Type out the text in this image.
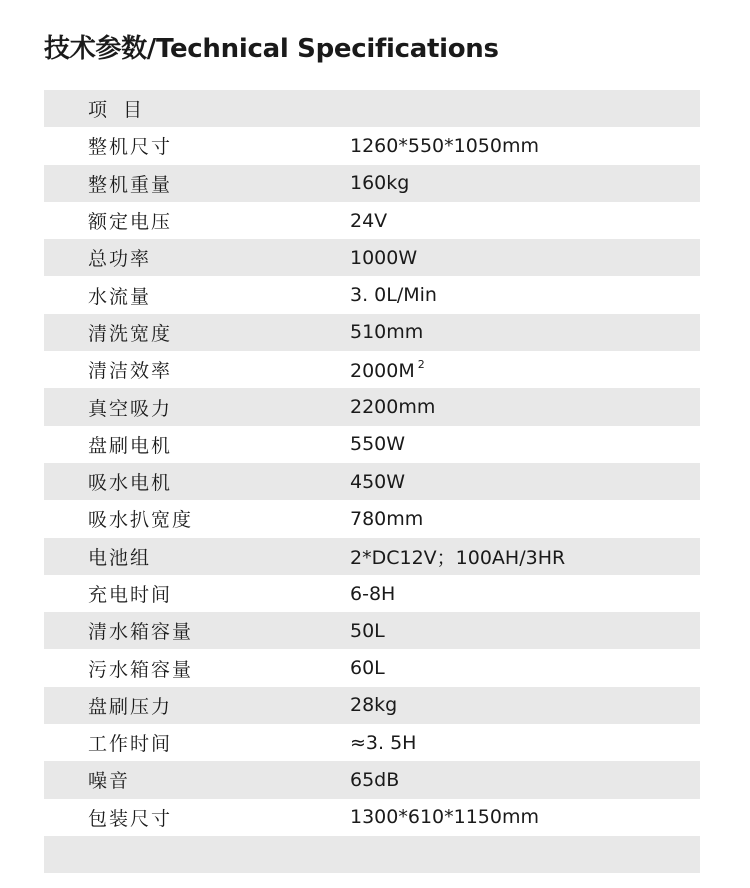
技术参数/Technical Specifications
项目
整机尺寸	1260*550*1050mm
整机重量	160kg
额定电压	24V
总功率	1000W
水流量	3. 0L/Min
清洗宽度	510mm
清洁效率	2000M $^2$
真空吸力	2200mm
盘刷电机	550W
吸水电机	450W
吸水扒宽度	780mm
电池组	2*DC12V；100AH/3HR
充电时间	6-8H
清水箱容量	50L
污水箱容量	60L
盘刷压力	28kg
工作时间	≈3. 5H
噪音	65dB
包装尺寸	1300*610*1150mm
